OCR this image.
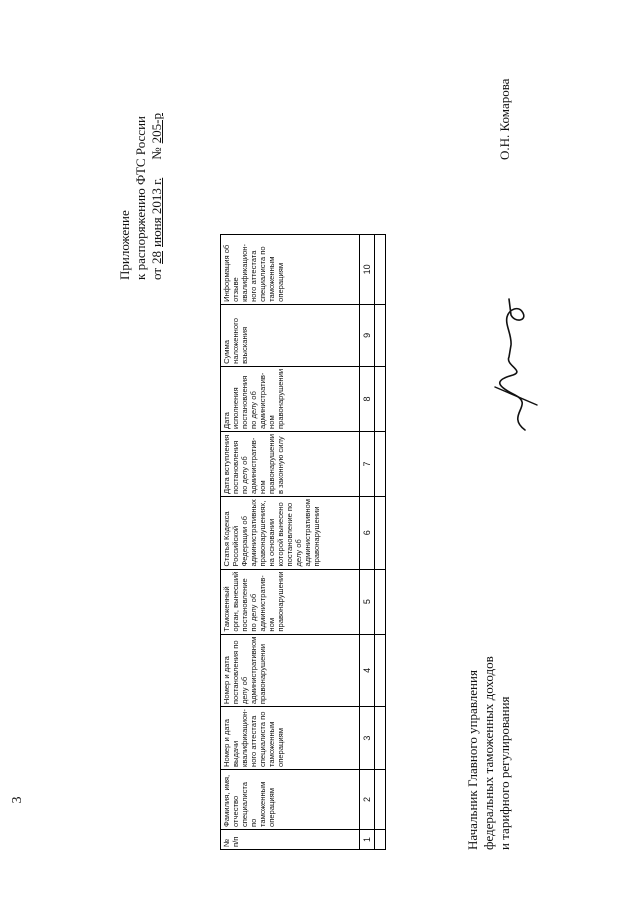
3
Приложение к распоряжению ФТС России от
28
июня 2013 г.
№
205-р
№ п/п	Фамилия, имя, отчество специалиста по таможенным операциям	Номер и дата выдачи квалификацион-ного аттестата специалиста по таможенным операциям	Номер и дата постановления по делу об административном правонарушении	Таможенный орган, вынесший постановление по делу об административ-ном правонарушении	Статья Кодекса Российской Федерации об административных правонарушениях, на основании которой вынесено постановление по делу об административном правонарушении	Дата вступления постановления по делу об административ-ном правонарушении в законную силу	Дата исполнения постановления по делу об административ-ном правонарушении	Сумма наложенного взыскания	Информация об отзыве квалификацион-ного аттестата специалиста по таможенным операциям
1	2	3	4	5	6	7	8	9	10

Начальник Главного управления федеральных таможенных доходов и тарифного регулирования
О.Н. Комарова
